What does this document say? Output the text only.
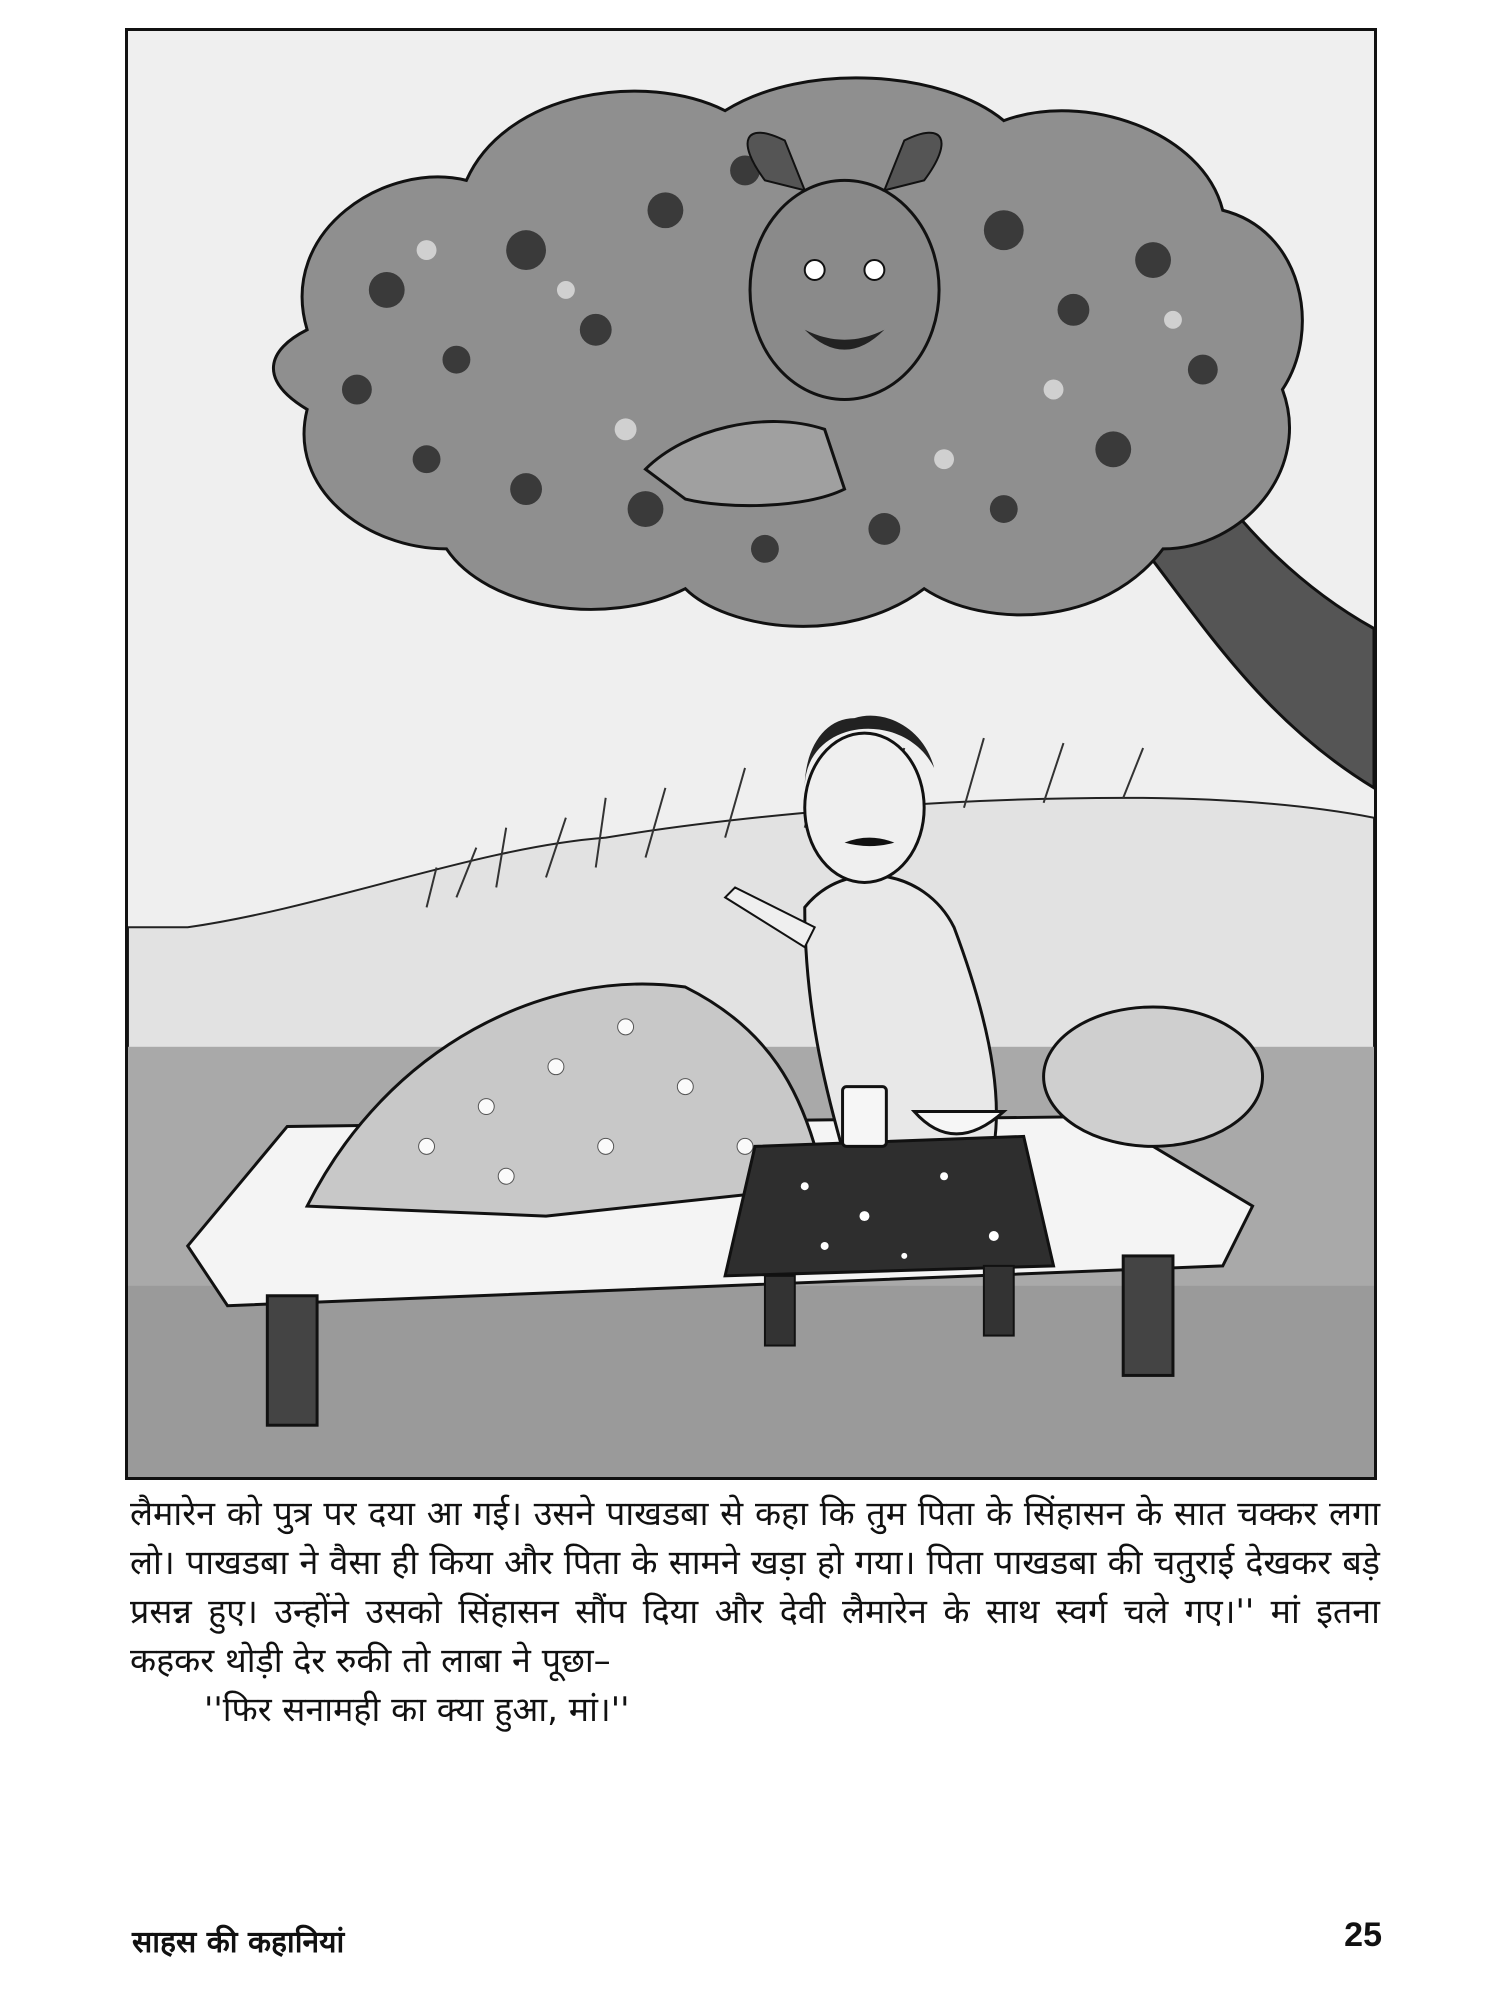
लैमारेन को पुत्र पर दया आ गई। उसने पाखडबा से कहा कि तुम पिता के सिंहासन के सात चक्कर लगा लो। पाखडबा ने वैसा ही किया और पिता के सामने खड़ा हो गया। पिता पाखडबा की चतुराई देखकर बड़े प्रसन्न हुए। उन्होंने उसको सिंहासन सौंप दिया और देवी लैमारेन के साथ स्वर्ग चले गए।'' मां इतना कहकर थोड़ी देर रुकी तो लाबा ने पूछा–

''फिर सनामही का क्या हुआ, मां।''

साहस की कहानियां	25
